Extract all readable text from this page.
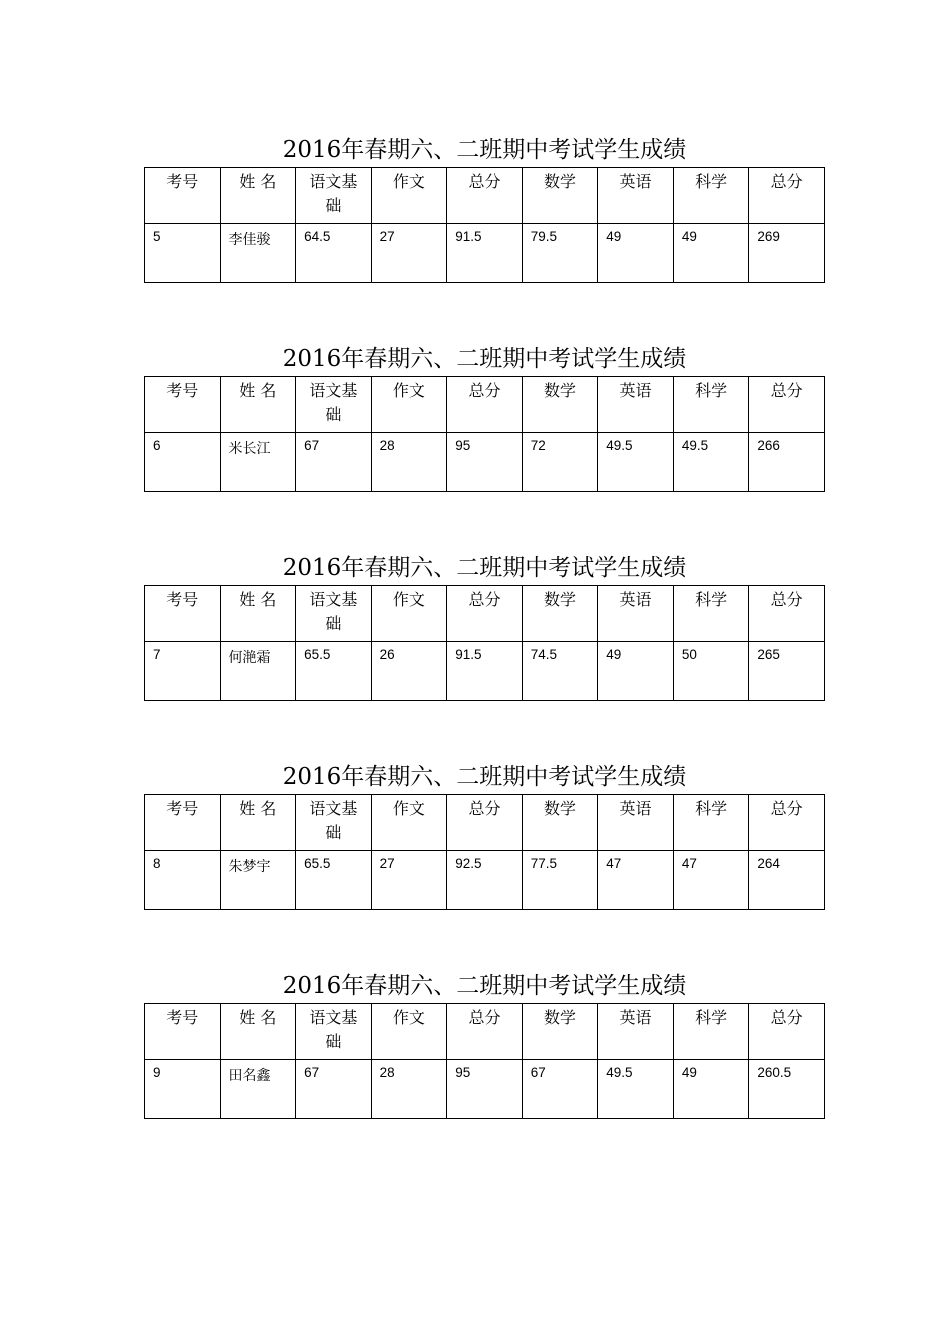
2016年春期六、二班期中考试学生成绩
考号	姓 名	语文基础	作文	总分	数学	英语	科学	总分

5	李佳骏	64.5	27	91.5	79.5	49	49	269
2016年春期六、二班期中考试学生成绩
考号	姓 名	语文基础	作文	总分	数学	英语	科学	总分

6	米长江	67	28	95	72	49.5	49.5	266
2016年春期六、二班期中考试学生成绩
考号	姓 名	语文基础	作文	总分	数学	英语	科学	总分

7	何滟霜	65.5	26	91.5	74.5	49	50	265
2016年春期六、二班期中考试学生成绩
考号	姓 名	语文基础	作文	总分	数学	英语	科学	总分

8	朱梦宇	65.5	27	92.5	77.5	47	47	264
2016年春期六、二班期中考试学生成绩
考号	姓 名	语文基础	作文	总分	数学	英语	科学	总分

9	田名鑫	67	28	95	67	49.5	49	260.5
